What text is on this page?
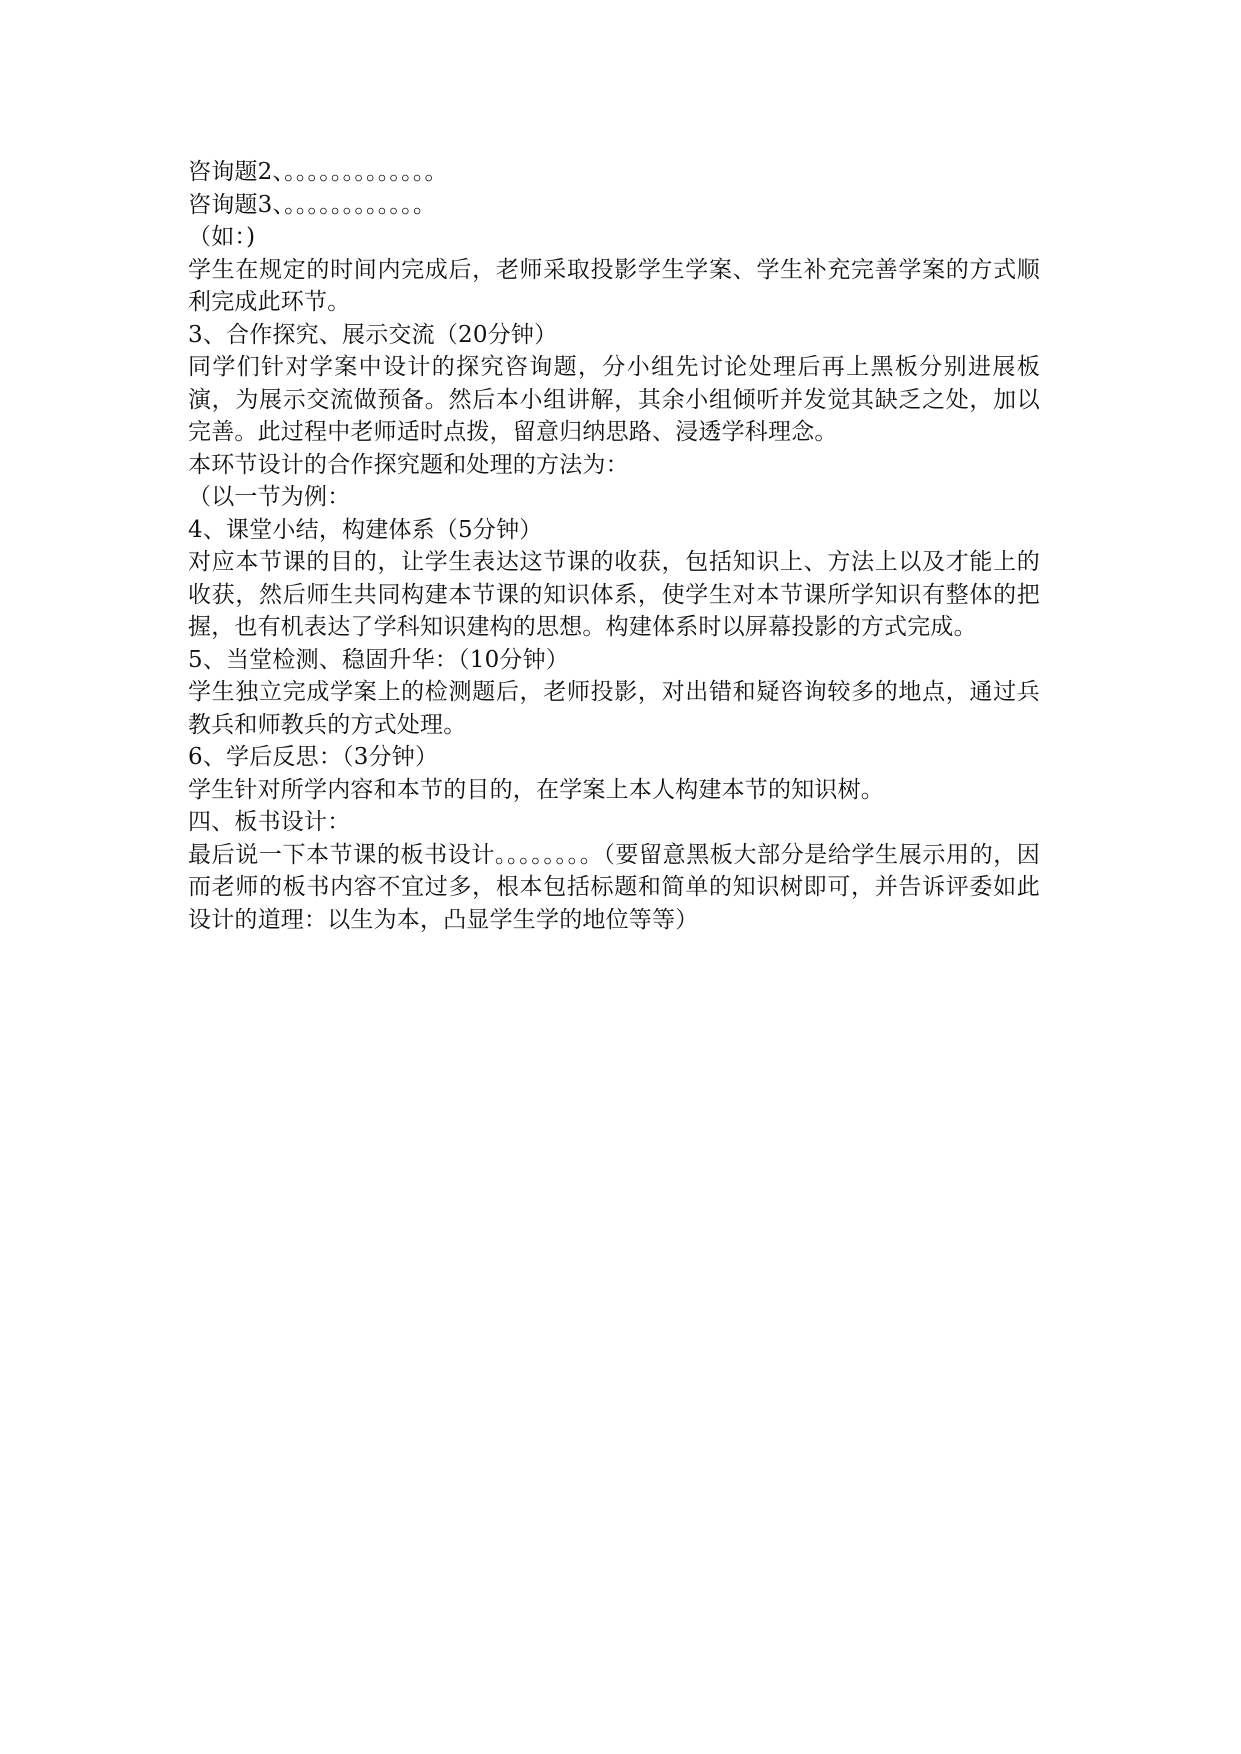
咨询题2、。。。。。。。。。。。。。
咨询题3、。。。。。。。。。。。。
（如：)
学生在规定的时间内完成后，老师采取投影学生学案、学生补充完善学案的方式顺利完成此环节。
3、合作探究、展示交流（20分钟）
同学们针对学案中设计的探究咨询题，分小组先讨论处理后再上黑板分别进展板演，为展示交流做预备。然后本小组讲解，其余小组倾听并发觉其缺乏之处，加以完善。此过程中老师适时点拨，留意归纳思路、浸透学科理念。
本环节设计的合作探究题和处理的方法为：
（以一节为例：
4、课堂小结，构建体系（5分钟）
对应本节课的目的，让学生表达这节课的收获，包括知识上、方法上以及才能上的收获，然后师生共同构建本节课的知识体系，使学生对本节课所学知识有整体的把握，也有机表达了学科知识建构的思想。构建体系时以屏幕投影的方式完成。
5、当堂检测、稳固升华：（10分钟）
学生独立完成学案上的检测题后，老师投影，对出错和疑咨询较多的地点，通过兵教兵和师教兵的方式处理。
6、学后反思：（3分钟）
学生针对所学内容和本节的目的，在学案上本人构建本节的知识树。
四、板书设计：
最后说一下本节课的板书设计。。。。。。。。（要留意黑板大部分是给学生展示用的，因而老师的板书内容不宜过多，根本包括标题和简单的知识树即可，并告诉评委如此设计的道理：以生为本，凸显学生学的地位等等）
